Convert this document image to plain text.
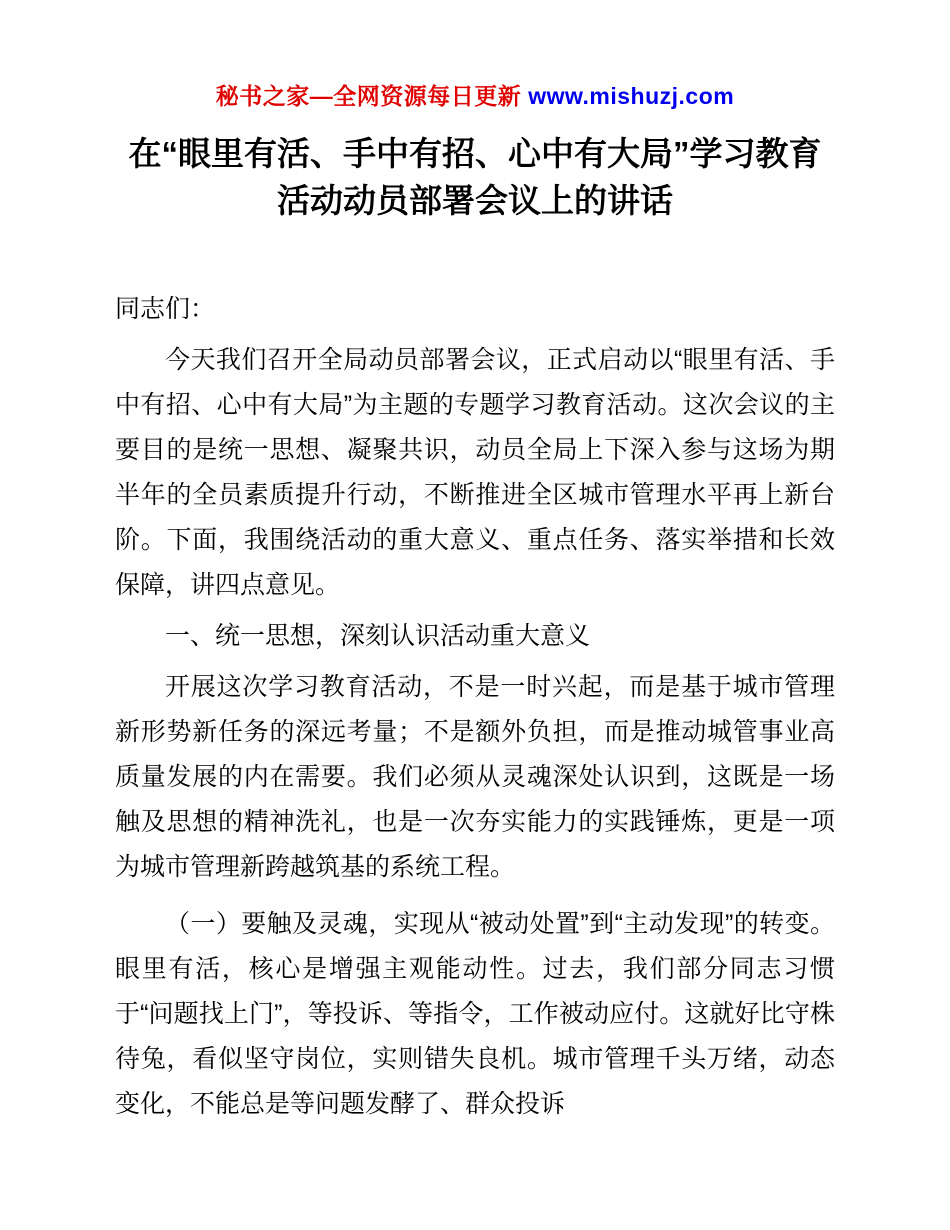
秘书之家—全网资源每日更新 www.mishuzj.com
在“眼里有活、手中有招、心中有大局”学习教育活动动员部署会议上的讲话

同志们：

今天我们召开全局动员部署会议，正式启动以“眼里有活、手中有招、心中有大局”为主题的专题学习教育活动。这次会议的主要目的是统一思想、凝聚共识，动员全局上下深入参与这场为期半年的全员素质提升行动，不断推进全区城市管理水平再上新台阶。下面，我围绕活动的重大意义、重点任务、落实举措和长效保障，讲四点意见。

一、统一思想，深刻认识活动重大意义

开展这次学习教育活动，不是一时兴起，而是基于城市管理新形势新任务的深远考量；不是额外负担，而是推动城管事业高质量发展的内在需要。我们必须从灵魂深处认识到，这既是一场触及思想的精神洗礼，也是一次夯实能力的实践锤炼，更是一项为城市管理新跨越筑基的系统工程。

（一）要触及灵魂，实现从“被动处置”到“主动发现”的转变。眼里有活，核心是增强主观能动性。过去，我们部分同志习惯于“问题找上门”，等投诉、等指令，工作被动应付。这就好比守株待兔，看似坚守岗位，实则错失良机。城市管理千头万绪，动态变化，不能总是等问题发酵了、群众投诉
